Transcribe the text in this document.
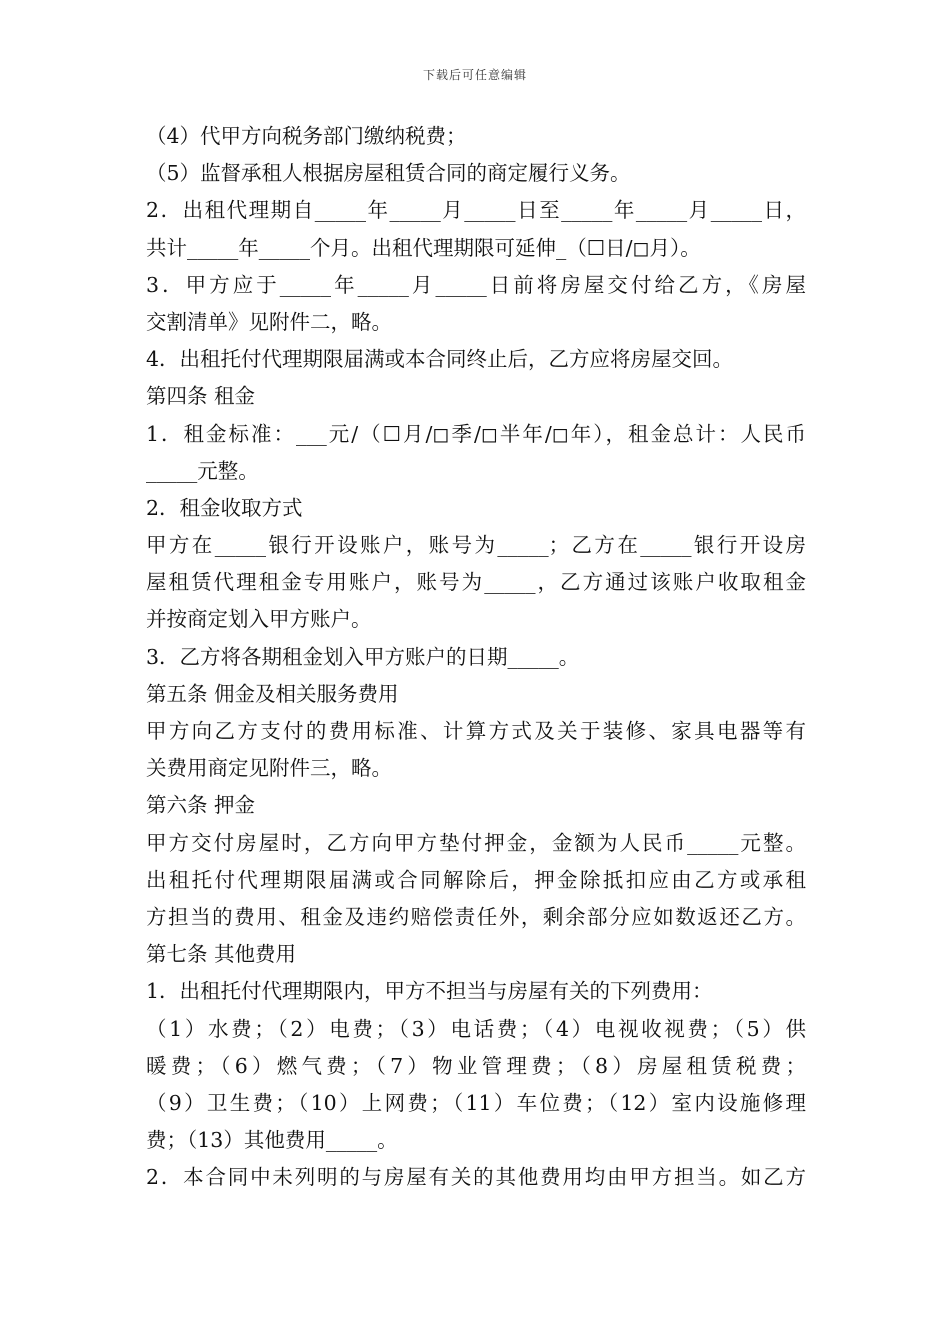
下载后可任意编辑
（4）代甲方向税务部门缴纳税费；
（5）监督承租人根据房屋租赁合同的商定履行义务。
2．出租代理期自_____年_____月_____日至_____年_____月_____日，
共计_____年_____个月。出租代理期限可延伸_（☐日/◻月）。
3．甲方应于_____年_____月_____日前将房屋交付给乙方，《房屋
交割清单》见附件二，略。
4．出租托付代理期限届满或本合同终止后，乙方应将房屋交回。
第四条 租金
1．租金标准：___元/（☐月/◻季/◻半年/◻年），租金总计：人民币
_____元整。
2．租金收取方式
甲方在_____银行开设账户，账号为_____；乙方在_____银行开设房
屋租赁代理租金专用账户，账号为_____，乙方通过该账户收取租金
并按商定划入甲方账户。
3．乙方将各期租金划入甲方账户的日期_____。
第五条 佣金及相关服务费用
甲方向乙方支付的费用标准、计算方式及关于装修、家具电器等有
关费用商定见附件三，略。
第六条 押金
甲方交付房屋时，乙方向甲方垫付押金，金额为人民币_____元整。
出租托付代理期限届满或合同解除后，押金除抵扣应由乙方或承租
方担当的费用、租金及违约赔偿责任外，剩余部分应如数返还乙方。
第七条 其他费用
1．出租托付代理期限内，甲方不担当与房屋有关的下列费用：
（1）水费；（2）电费；（3）电话费；（4）电视收视费；（5）供
暖费；（6）燃气费；（7）物业管理费；（8）房屋租赁税费；
（9）卫生费；（10）上网费；（11）车位费；（12）室内设施修理
费；（13）其他费用_____。
2．本合同中未列明的与房屋有关的其他费用均由甲方担当。如乙方
